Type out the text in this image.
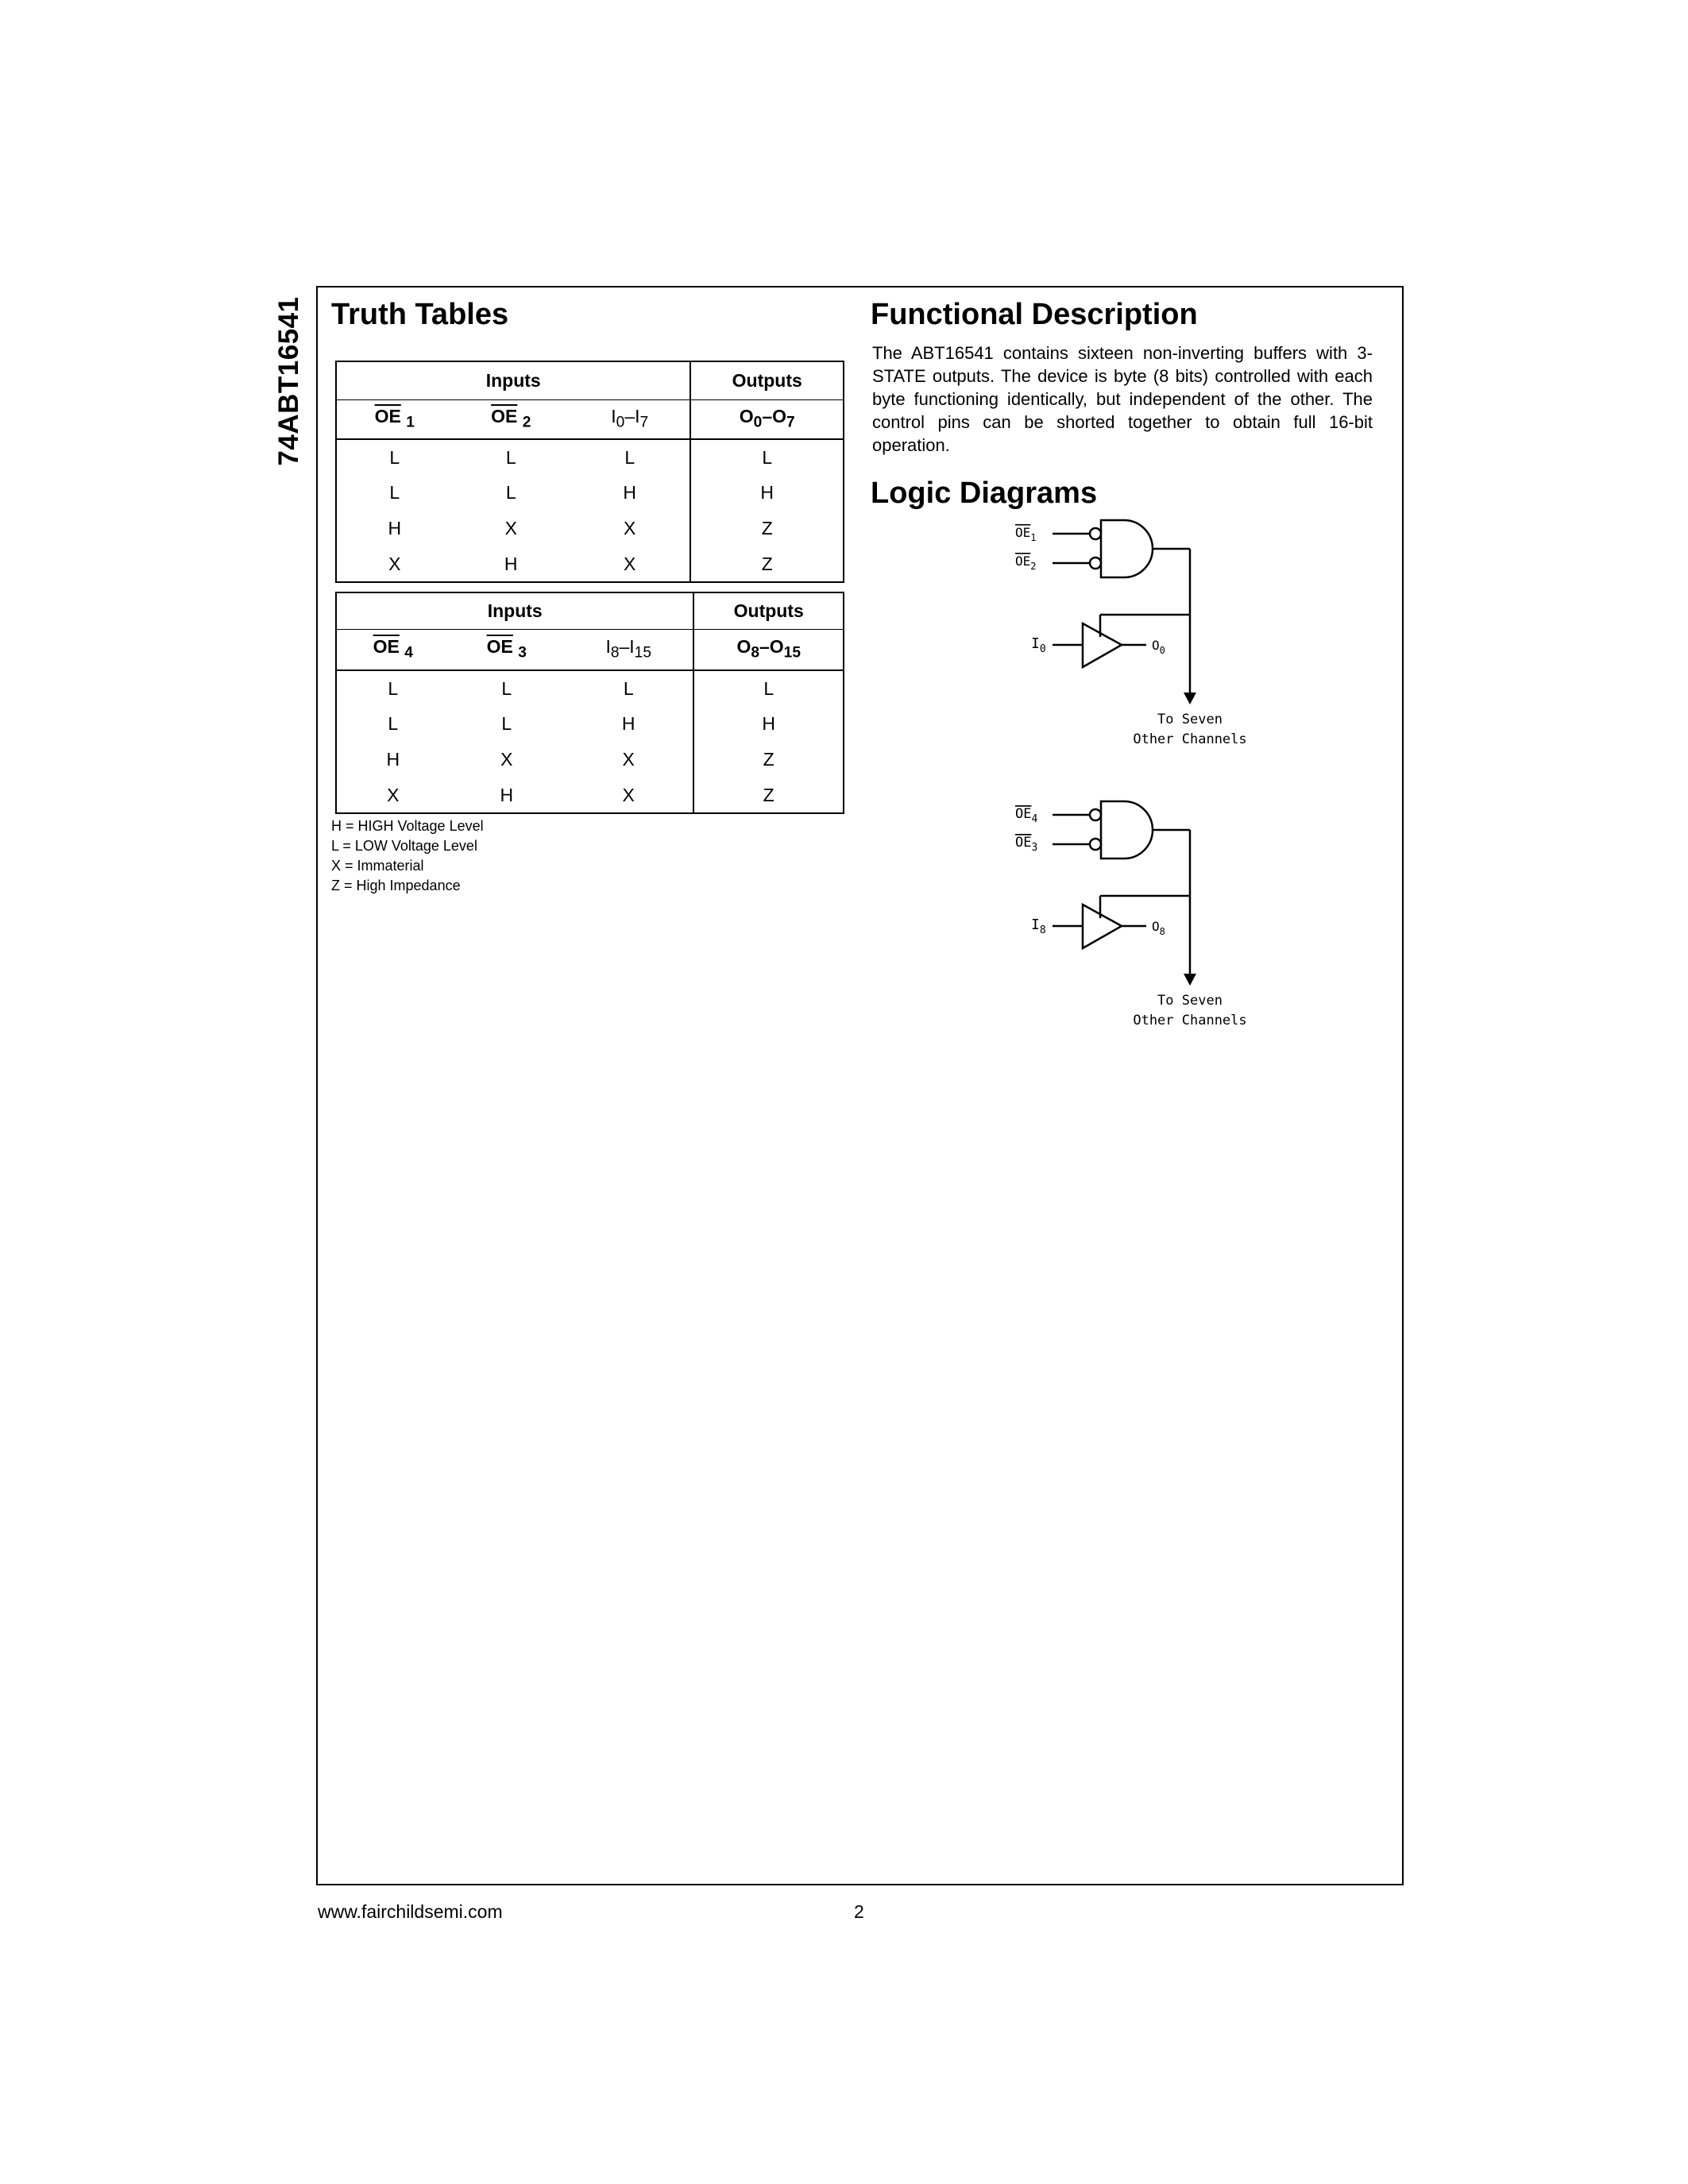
74ABT16541 Truth Tables
Inputs			Outputs
$\overline{OE}$ $_1$	$\overline{OE}$ $_2$	$I_0-I_7$	$O_0-O_7$
L	L	L	L
L	L	H	H
H	X	X	Z
X	H	X	Z
Inputs			Outputs
$\overline{OE}$ $_4$	$\overline{OE}$ $_3$	$I_8-I_{15}$	$O_8-O_{15}$
L	L	L	L
L	L	H	H
H	X	X	Z
X	H	X	Z
H = HIGH Voltage Level
L = LOW Voltage Level
X = Immaterial
Z = High Impedance
Functional Description
The ABT16541 contains sixteen non-inverting buffers with 3-STATE outputs. The device is byte (8 bits) controlled with each byte functioning identically, but independent of the other. The control pins can be shorted together to obtain full 16-bit operation.
Logic Diagrams
$OE_1$
$OE_2$
$I_0$	$O_0$
To Seven
Other Channels
$OE_4$
$OE_3$
$I_8$	$O_8$
To Seven
Other Channels
www.fairchildsemi.com	2
